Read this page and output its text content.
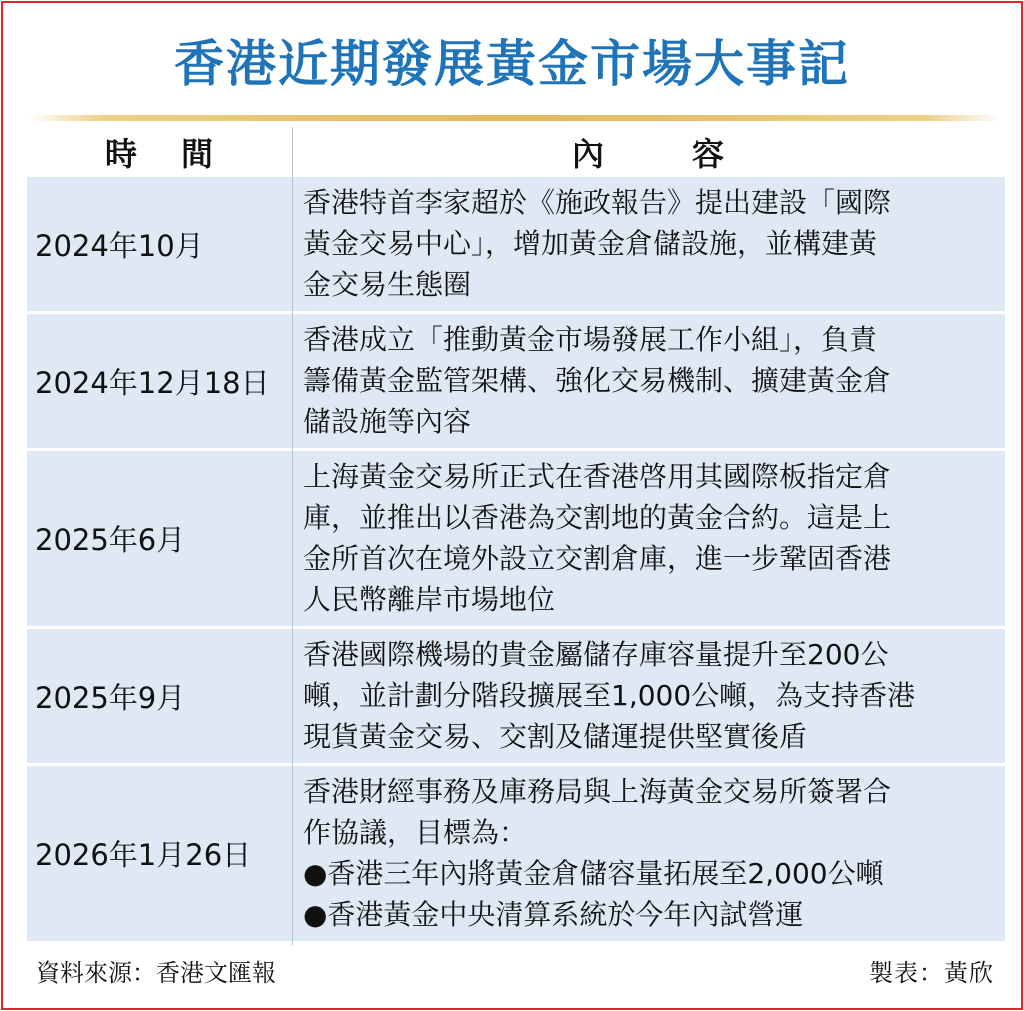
香港近期發展黃金市場大事記
時間	內容
2024年10月
香港特首李家超於《施政報告》提出建設「國際
黃金交易中心」，增加黃金倉儲設施，並構建黃
金交易生態圈
2024年12月18日
香港成立「推動黃金市場發展工作小組」，負責
籌備黃金監管架構、強化交易機制、擴建黃金倉
儲設施等內容
2025年6月
上海黃金交易所正式在香港啓用其國際板指定倉
庫，並推出以香港為交割地的黃金合約。這是上
金所首次在境外設立交割倉庫，進一步鞏固香港
人民幣離岸市場地位
2025年9月
香港國際機場的貴金屬儲存庫容量提升至200公
噸，並計劃分階段擴展至1,000公噸，為支持香港
現貨黃金交易、交割及儲運提供堅實後盾
2026年1月26日
香港財經事務及庫務局與上海黃金交易所簽署合
作協議，目標為：
●香港三年內將黃金倉儲容量拓展至2,000公噸
●香港黃金中央清算系統於今年內試營運
資料來源：香港文匯報	製表：黃欣
